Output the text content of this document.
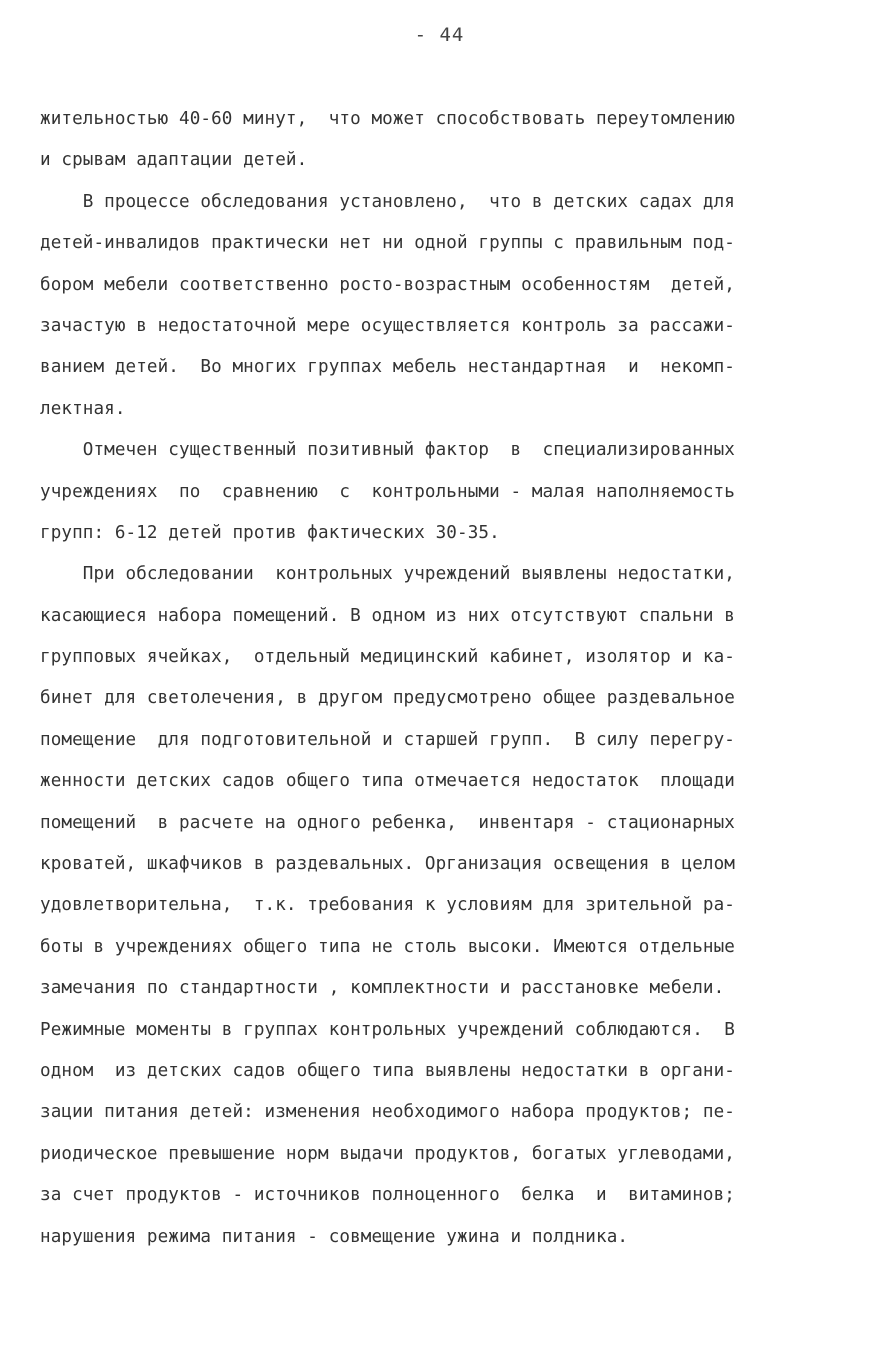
- 44
жительностью 40-60 минут,  что может способствовать переутомлению
и срывам адаптации детей.
В процессе обследования установлено,  что в детских садах для
детей-инвалидов практически нет ни одной группы с правильным под-
бором мебели соответственно росто-возрастным особенностям  детей,
зачастую в недостаточной мере осуществляется контроль за рассажи-
ванием детей.  Во многих группах мебель нестандартная  и  некомп-
лектная.
Отмечен существенный позитивный фактор  в  специализированных
учреждениях  по  сравнению  с  контрольными - малая наполняемость
групп: 6-12 детей против фактических 30-35.
При обследовании  контрольных учреждений выявлены недостатки,
касающиеся набора помещений. В одном из них отсутствуют спальни в
групповых ячейках,  отдельный медицинский кабинет, изолятор и ка-
бинет для светолечения, в другом предусмотрено общее раздевальное
помещение  для подготовительной и старшей групп.  В силу перегру-
женности детских садов общего типа отмечается недостаток  площади
помещений  в расчете на одного ребенка,  инвентаря - стационарных
кроватей, шкафчиков в раздевальных. Организация освещения в целом
удовлетворительна,  т.к. требования к условиям для зрительной ра-
боты в учреждениях общего типа не столь высоки. Имеются отдельные
замечания по стандартности , комплектности и расстановке мебели.
Режимные моменты в группах контрольных учреждений соблюдаются.  В
одном  из детских садов общего типа выявлены недостатки в органи-
зации питания детей: изменения необходимого набора продуктов; пе-
риодическое превышение норм выдачи продуктов, богатых углеводами,
за счет продуктов - источников полноценного  белка  и  витаминов;
нарушения режима питания - совмещение ужина и полдника.
